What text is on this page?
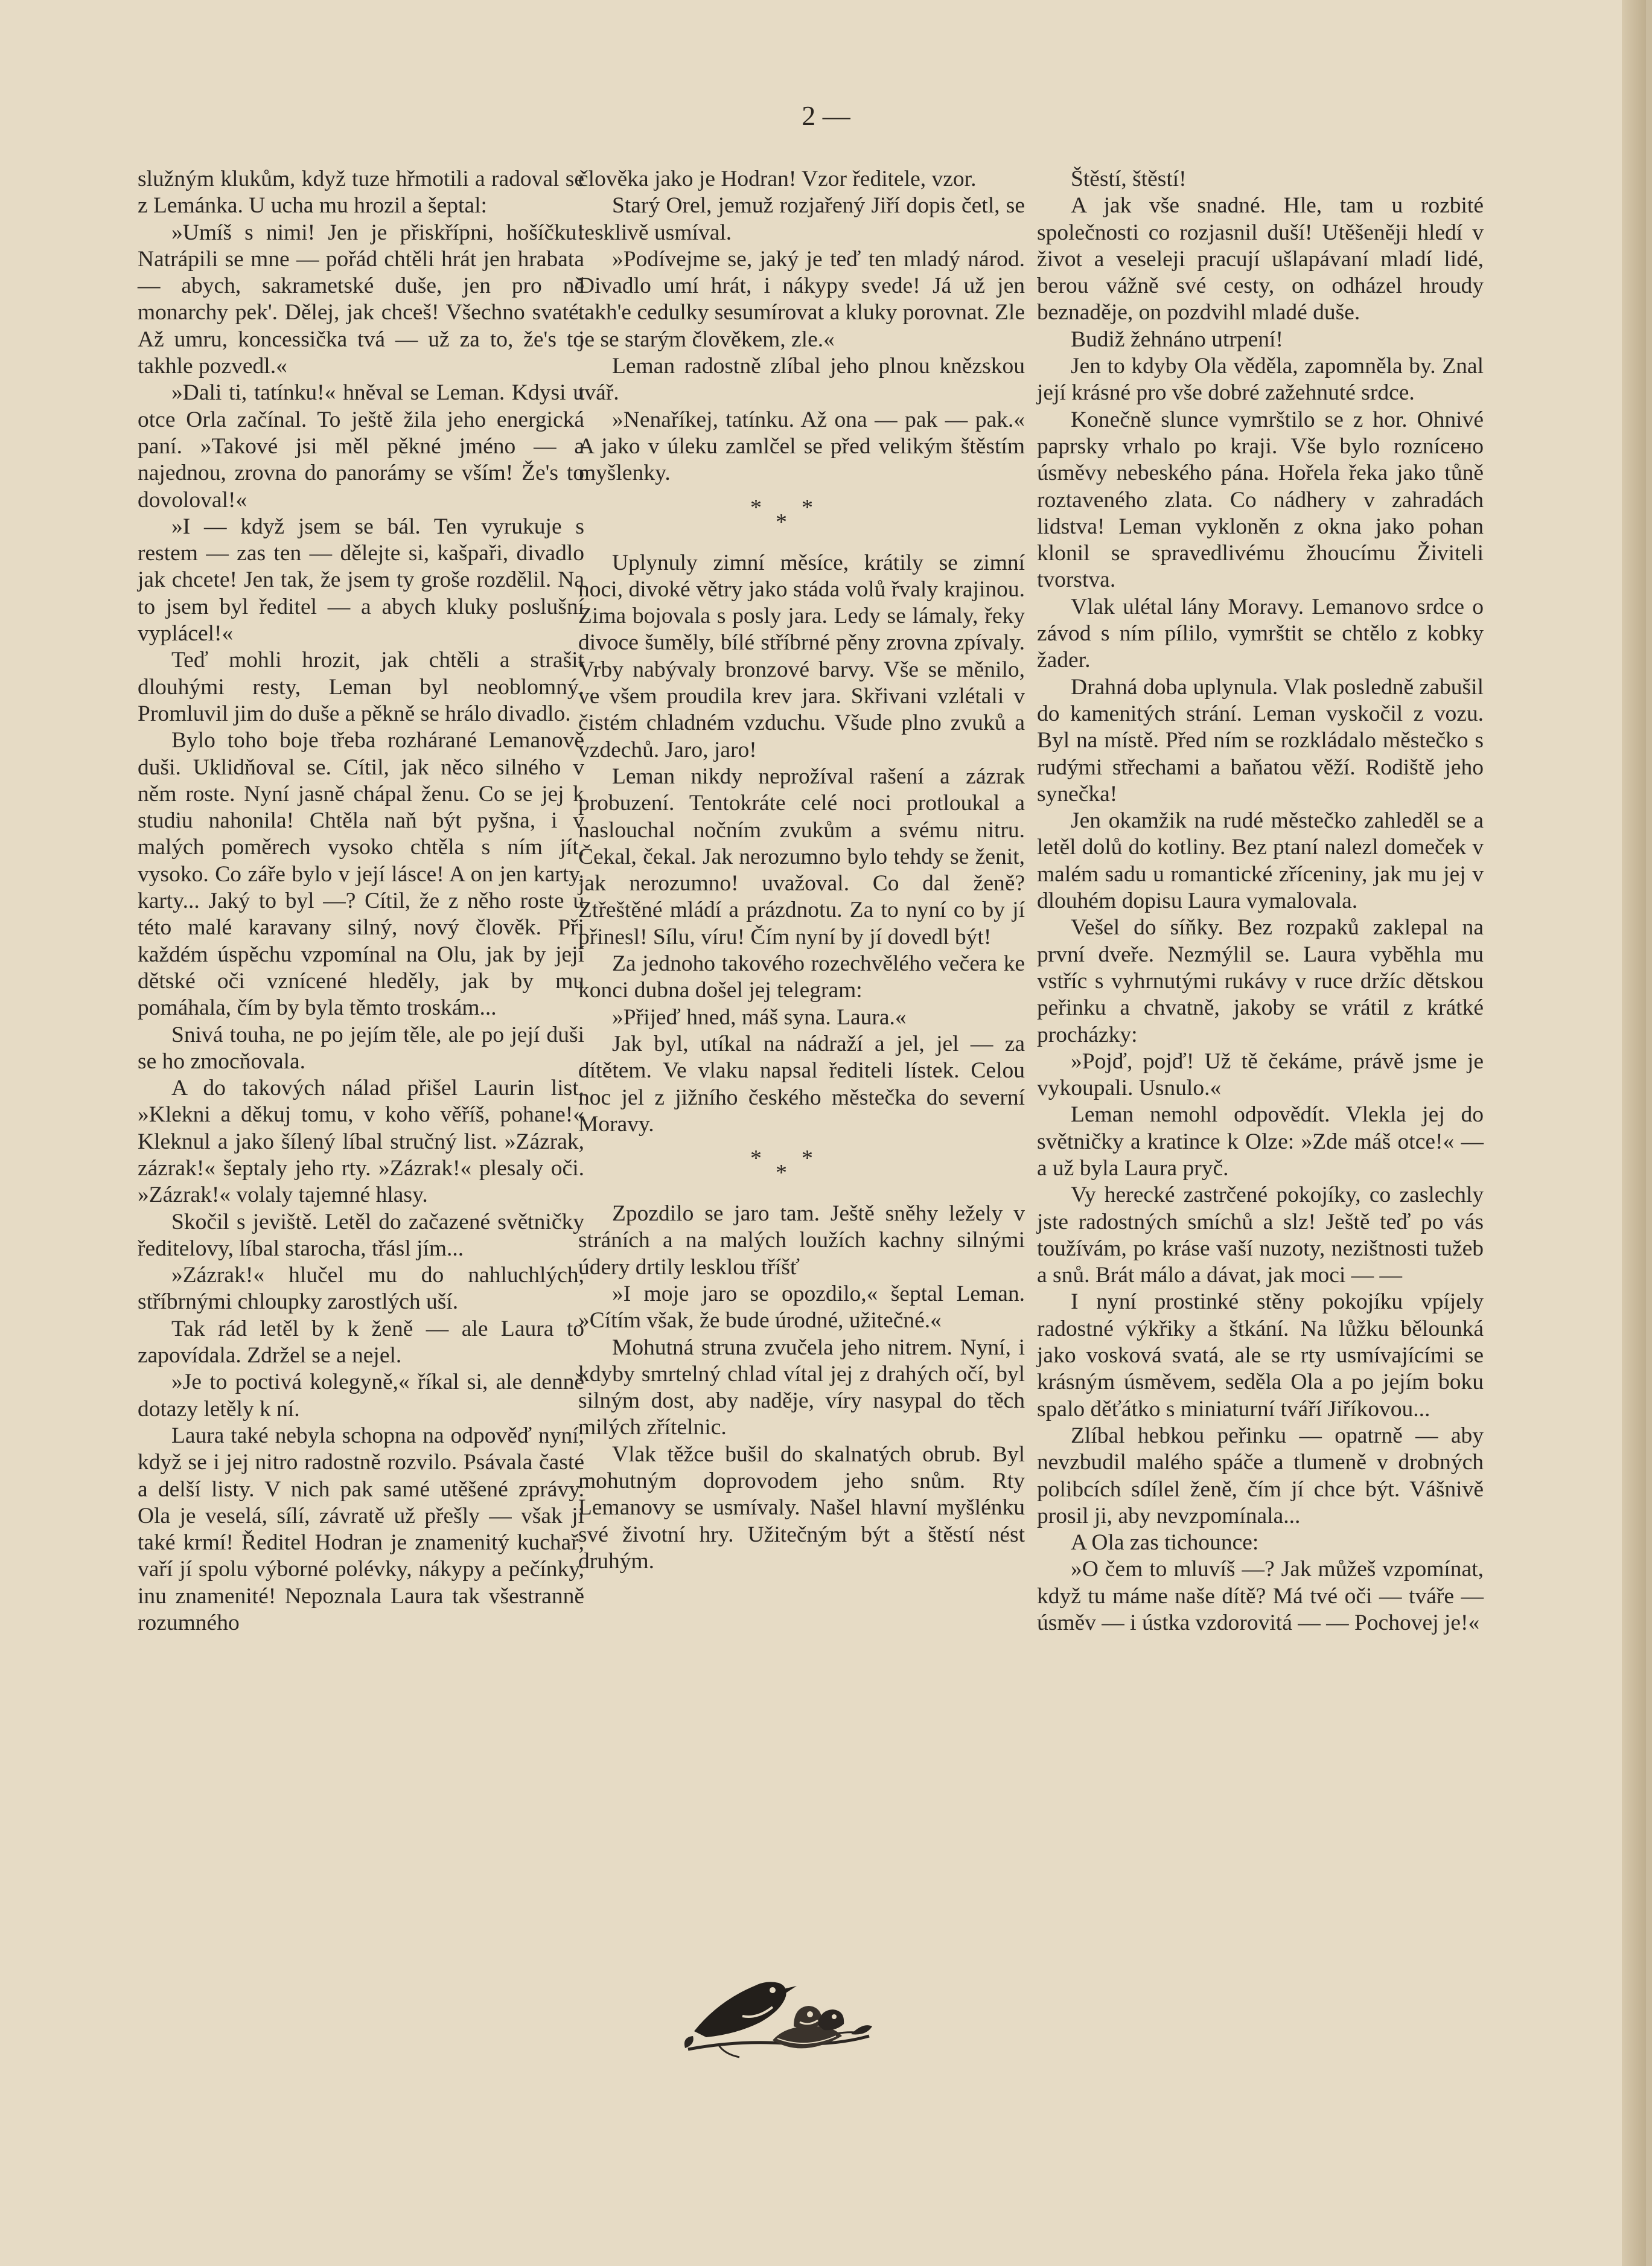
2 —

služným klukům, když tuze hřmotili a radoval se z Lemánka. U ucha mu hrozil a šeptal:

»Umíš s nimi! Jen je přiskřípni, hošíčku! Natrápili se mne — pořád chtěli hrát jen hrabata — abych, sakrametské duše, jen pro ně monarchy pek'. Dělej, jak chceš! Všechno svaté. Až umru, koncessička tvá — už za to, že's to takhle pozvedl.«

»Dali ti, tatínku!« hněval se Leman. Kdysi u otce Orla začínal. To ještě žila jeho energická paní. »Takové jsi měl pěkné jméno — a najednou, zrovna do panorámy se vším! Že's to dovoloval!«

»I — když jsem se bál. Ten vyrukuje s restem — zas ten — dělejte si, kašpaři, divadlo jak chcete! Jen tak, že jsem ty groše rozdělil. Na to jsem byl ředitel — a abych kluky poslušní vyplácel!«

Teď mohli hrozit, jak chtěli a strašit dlouhými resty, Leman byl neoblomný. Promluvil jim do duše a pěkně se hrálo divadlo.

Bylo toho boje třeba rozhárané Lemanově duši. Uklidňoval se. Cítil, jak něco silného v něm roste. Nyní jasně chápal ženu. Co se jej k studiu nahonila! Chtěla naň být pyšna, i v malých poměrech vysoko chtěla s ním jít, vysoko. Co záře bylo v její lásce! A on jen karty, karty... Jaký to byl —? Cítil, že z něho roste u této malé karavany silný, nový člověk. Při každém úspěchu vzpomínal na Olu, jak by její dětské oči vznícené hleděly, jak by mu pomáhala, čím by byla těmto troskám...

Snivá touha, ne po jejím těle, ale po její duši se ho zmocňovala.

A do takových nálad přišel Laurin list. »Klekni a děkuj tomu, v koho věříš, pohane!« Kleknul a jako šílený líbal stručný list. »Zázrak, zázrak!« šeptaly jeho rty. »Zázrak!« plesaly oči. »Zázrak!« volaly tajemné hlasy.

Skočil s jeviště. Letěl do začazené světničky ředitelovy, líbal starocha, třásl jím...

»Zázrak!« hlučel mu do nahluchlých, stříbrnými chloupky zarostlých uší.

Tak rád letěl by k ženě — ale Laura to zapovídala. Zdržel se a nejel.

»Je to poctivá kolegyně,« říkal si, ale denně dotazy letěly k ní.

Laura také nebyla schopna na odpověď nyní, když se i jej nitro radostně rozvilo. Psávala časté a delší listy. V nich pak samé utěšené zprávy. Ola je veselá, sílí, závratě už přešly — však ji také krmí! Ředitel Hodran je znamenitý kuchař, vaří jí spolu výborné polévky, nákypy a pečínky, inu znamenité! Nepoznala Laura tak všestranně rozumného

člověka jako je Hodran! Vzor ředitele, vzor.

Starý Orel, jemuž rozjařený Jiří dopis četl, se tesklivě usmíval.

»Podívejme se, jaký je teď ten mladý národ. Divadlo umí hrát, i nákypy svede! Já už jen takh'e cedulky sesumírovat a kluky porovnat. Zle je se starým člověkem, zle.«

Leman radostně zlíbal jeho plnou knězskou tvář.

»Nenaříkej, tatínku. Až ona — pak — pak.« A jako v úleku zamlčel se před velikým štěstím myšlenky.

* *
*

Uplynuly zimní měsíce, krátily se zimní noci, divoké větry jako stáda volů řvaly krajinou. Zima bojovala s posly jara. Ledy se lámaly, řeky divoce šuměly, bílé stříbrné pěny zrovna zpívaly. Vrby nabývaly bronzové barvy. Vše se měnilo, ve všem proudila krev jara. Skřivani vzlétali v čistém chladném vzduchu. Všude plno zvuků a vzdechů. Jaro, jaro!

Leman nikdy neprožíval rašení a zázrak probuzení. Tentokráte celé noci protloukal a naslouchal nočním zvukům a svému nitru. Čekal, čekal. Jak nerozumno bylo tehdy se ženit, jak nerozumno! uvažoval. Co dal ženě? Ztřeštěné mládí a prázdnotu. Za to nyní co by jí přinesl! Sílu, víru! Čím nyní by jí dovedl být!

Za jednoho takového rozechvělého večera ke konci dubna došel jej telegram:

»Přijeď hned, máš syna. Laura.«

Jak byl, utíkal na nádraží a jel, jel — za dítětem. Ve vlaku napsal řediteli lístek. Celou noc jel z jižního českého městečka do severní Moravy.

* *
*

Zpozdilo se jaro tam. Ještě sněhy ležely v stráních a na malých loužích kachny silnými údery drtily lesklou tříšť

»I moje jaro se opozdilo,« šeptal Leman. »Cítím však, že bude úrodné, užitečné.«

Mohutná struna zvučela jeho nitrem. Nyní, i kdyby smrtelný chlad vítal jej z drahých očí, byl silným dost, aby naděje, víry nasypal do těch milých zřítelnic.

Vlak těžce bušil do skalnatých obrub. Byl mohutným doprovodem jeho snům. Rty Lemanovy se usmívaly. Našel hlavní myšlénku své životní hry. Užitečným být a štěstí nést druhým.

Štěstí, štěstí!

A jak vše snadné. Hle, tam u rozbité společnosti co rozjasnil duší! Utěšeněji hledí v život a veseleji pracují ušlapávaní mladí lidé, berou vážně své cesty, on odházel hroudy beznaděje, on pozdvihl mladé duše.

Budiž žehnáno utrpení!

Jen to kdyby Ola věděla, zapomněla by. Znal její krásné pro vše dobré zažehnuté srdce.

Konečně slunce vymrštilo se z hor. Ohnivé paprsky vrhalo po kraji. Vše bylo roznícено úsměvy nebeského pána. Hořela řeka jako tůně roztaveného zlata. Co nádhery v zahradách lidstva! Leman vykloněn z okna jako pohan klonil se spravedlivému žhoucímu Živiteli tvorstva.

Vlak ulétal lány Moravy. Lemanovo srdce o závod s ním pílilo, vymrštit se chtělo z kobky žader.

Drahná doba uplynula. Vlak posledně zabušil do kamenitých strání. Leman vyskočil z vozu. Byl na místě. Před ním se rozkládalo městečko s rudými střechami a baňatou věží. Rodiště jeho synečka!

Jen okamžik na rudé městečko zahleděl se a letěl dolů do kotliny. Bez ptaní nalezl domeček v malém sadu u romantické zříceniny, jak mu jej v dlouhém dopisu Laura vymalovala.

Vešel do síňky. Bez rozpaků zaklepal na první dveře. Nezmýlil se. Laura vyběhla mu vstříc s vyhrnutými rukávy v ruce držíc dětskou peřinku a chvatně, jakoby se vrátil z krátké procházky:

»Pojď, pojď! Už tě čekáme, právě jsme je vykoupali. Usnulo.«

Leman nemohl odpovědít. Vlekla jej do světničky a kratince k Olze: »Zde máš otce!« — a už byla Laura pryč.

Vy herecké zastrčené pokojíky, co zaslechly jste radostných smíchů a slz! Ještě teď po vás toužívám, po kráse vaší nuzoty, nezištnosti tužeb a snů. Brát málo a dávat, jak moci — —

I nyní prostinké stěny pokojíku vpíjely radostné výkřiky a štkání. Na lůžku bělounká jako vosková svatá, ale se rty usmívajícími se krásným úsměvem, seděla Ola a po jejím boku spalo děťátko s miniaturní tváří Jiříkovou...

Zlíbal hebkou peřinku — opatrně — aby nevzbudil malého spáče a tlumeně v drobných polibcích sdílel ženě, čím jí chce být. Vášnivě prosil ji, aby nevzpomínala...

A Ola zas tichounce:

»O čem to mluvíš —? Jak můžeš vzpomínat, když tu máme naše dítě? Má tvé oči — tváře — úsměv — i ústka vzdorovitá — — Pochovej je!«
